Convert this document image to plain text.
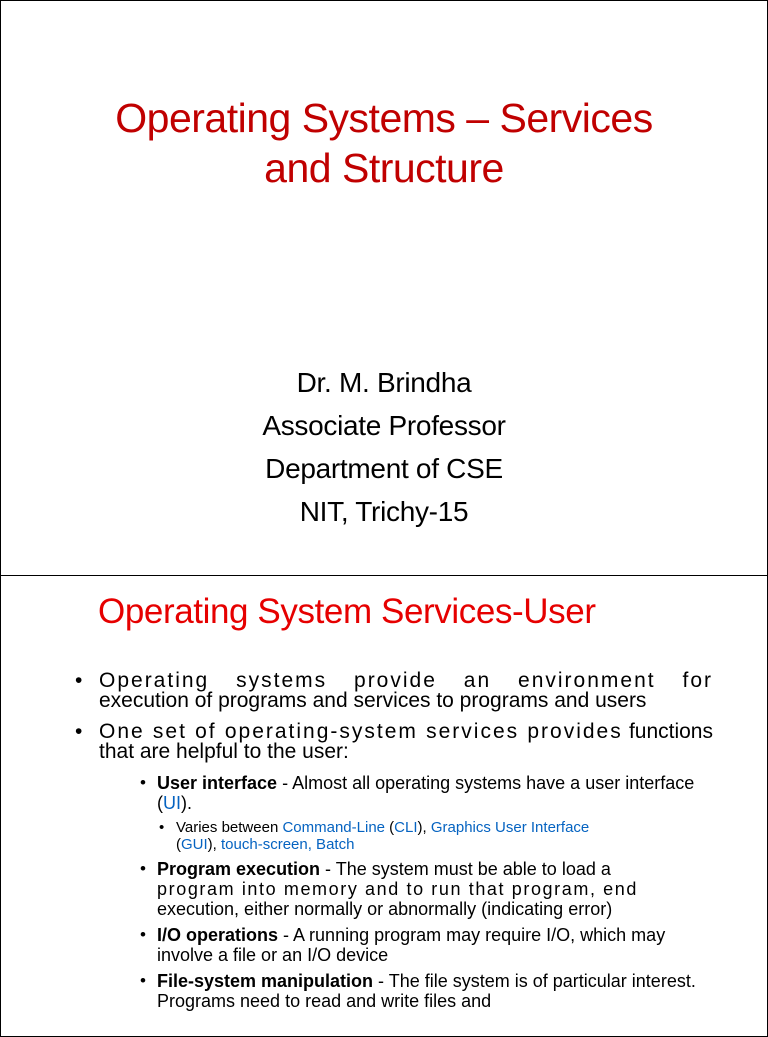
Operating Systems – Services
and Structure
Dr. M. Brindha
Associate Professor
Department of CSE
NIT, Trichy-15
Operating System Services-User
• Operating systems provide an environment for execution of programs and services to programs and users
• One set of operating-system services provides functions that are helpful to the user:
• User interface - Almost all operating systems have a user interface (UI).
• Varies between Command-Line (CLI), Graphics User Interface
(GUI), touch-screen, Batch
• Program execution - The system must be able to load a
program into memory and to run that program, end
execution, either normally or abnormally (indicating error)
• I/O operations - A running program may require I/O, which may involve a file or an I/O device
• File-system manipulation - The file system is of particular interest. Programs need to read and write files and
